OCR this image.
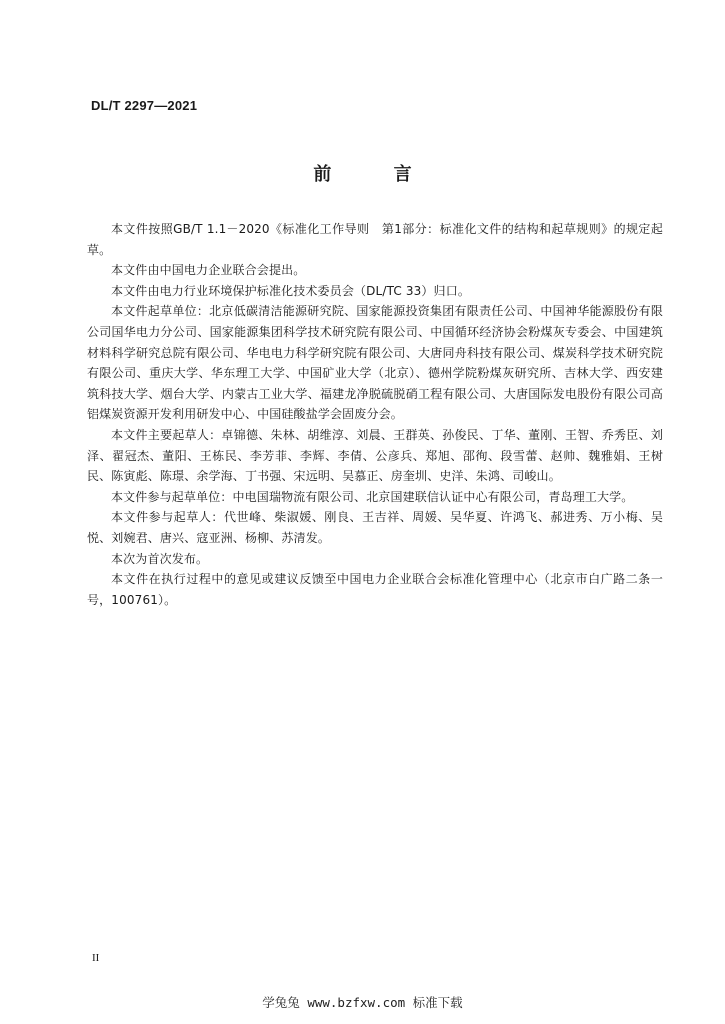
DL/T 2297—2021
前 言

本文件按照GB/T 1.1－2020《标准化工作导则　第1部分：标准化文件的结构和起草规则》的规定起草。

本文件由中国电力企业联合会提出。

本文件由电力行业环境保护标准化技术委员会（DL/TC 33）归口。

本文件起草单位：北京低碳清洁能源研究院、国家能源投资集团有限责任公司、中国神华能源股份有限公司国华电力分公司、国家能源集团科学技术研究院有限公司、中国循环经济协会粉煤灰专委会、中国建筑材料科学研究总院有限公司、华电电力科学研究院有限公司、大唐同舟科技有限公司、煤炭科学技术研究院有限公司、重庆大学、华东理工大学、中国矿业大学（北京）、德州学院粉煤灰研究所、吉林大学、西安建筑科技大学、烟台大学、内蒙古工业大学、福建龙净脱硫脱硝工程有限公司、大唐国际发电股份有限公司高铝煤炭资源开发利用研发中心、中国硅酸盐学会固废分会。

本文件主要起草人：卓锦德、朱林、胡维淳、刘晨、王群英、孙俊民、丁华、董刚、王智、乔秀臣、刘泽、翟冠杰、董阳、王栋民、李芳菲、李辉、李倩、公彦兵、郑旭、邵徇、段雪蕾、赵帅、魏雅娟、王树民、陈寅彪、陈璟、余学海、丁书强、宋远明、吴慕正、房奎圳、史洋、朱鸿、司峻山。

本文件参与起草单位：中电国瑞物流有限公司、北京国建联信认证中心有限公司，青岛理工大学。

本文件参与起草人：代世峰、柴淑媛、刚良、王吉祥、周媛、吴华夏、许鸿飞、郝进秀、万小梅、吴悦、刘婉君、唐兴、寇亚洲、杨柳、苏清发。

本次为首次发布。

本文件在执行过程中的意见或建议反馈至中国电力企业联合会标准化管理中心（北京市白广路二条一号，100761）。

II
学兔兔 www.bzfxw.com 标准下载
